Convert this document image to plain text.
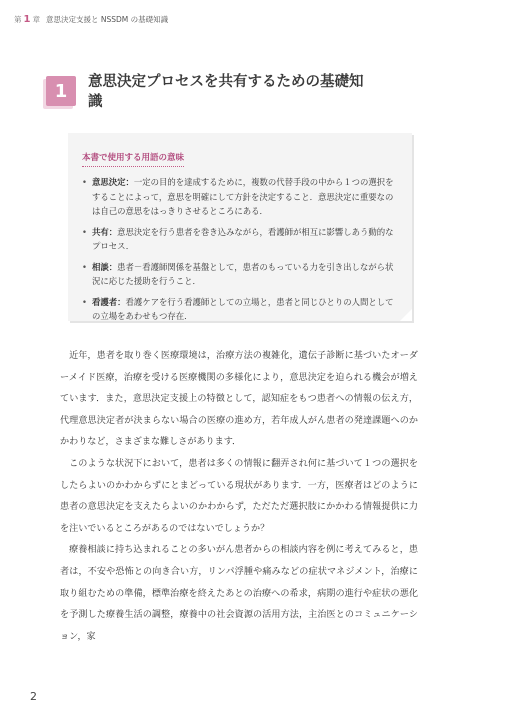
第 1 章 意思決定支援と NSSDM の基礎知識
1	意思決定プロセスを共有するための基礎知識
本書で使用する用語の意味
• 意思決定：一定の目的を達成するために，複数の代替手段の中から１つの選択をすることによって，意思を明確にして方針を決定すること．意思決定に重要なのは自己の意思をはっきりさせるところにある．
• 共有：意思決定を行う患者を巻き込みながら，看護師が相互に影響しあう動的なプロセス．
• 相談：患者－看護師関係を基盤として，患者のもっている力を引き出しながら状況に応じた援助を行うこと．
• 看護者：看護ケアを行う看護師としての立場と，患者と同じひとりの人間としての立場をあわせもつ存在．

近年，患者を取り巻く医療環境は，治療方法の複雑化，遺伝子診断に基づいたオーダーメイド医療，治療を受ける医療機関の多様化により，意思決定を迫られる機会が増えています．また，意思決定支援上の特徴として，認知症をもつ患者への情報の伝え方，代理意思決定者が決まらない場合の医療の進め方，若年成人がん患者の発達課題へのかかわりなど，さまざまな難しさがあります．

このような状況下において，患者は多くの情報に翻弄され何に基づいて１つの選択をしたらよいのかわからずにとまどっている現状があります．一方，医療者はどのように患者の意思決定を支えたらよいのかわからず，ただただ選択肢にかかわる情報提供に力を注いでいるところがあるのではないでしょうか？

療養相談に持ち込まれることの多いがん患者からの相談内容を例に考えてみると，患者は，不安や恐怖との向き合い方，リンパ浮腫や痛みなどの症状マネジメント，治療に取り組むための準備，標準治療を終えたあとの治療への希求，病期の進行や症状の悪化を予測した療養生活の調整，療養中の社会資源の活用方法，主治医とのコミュニケーション，家

2
